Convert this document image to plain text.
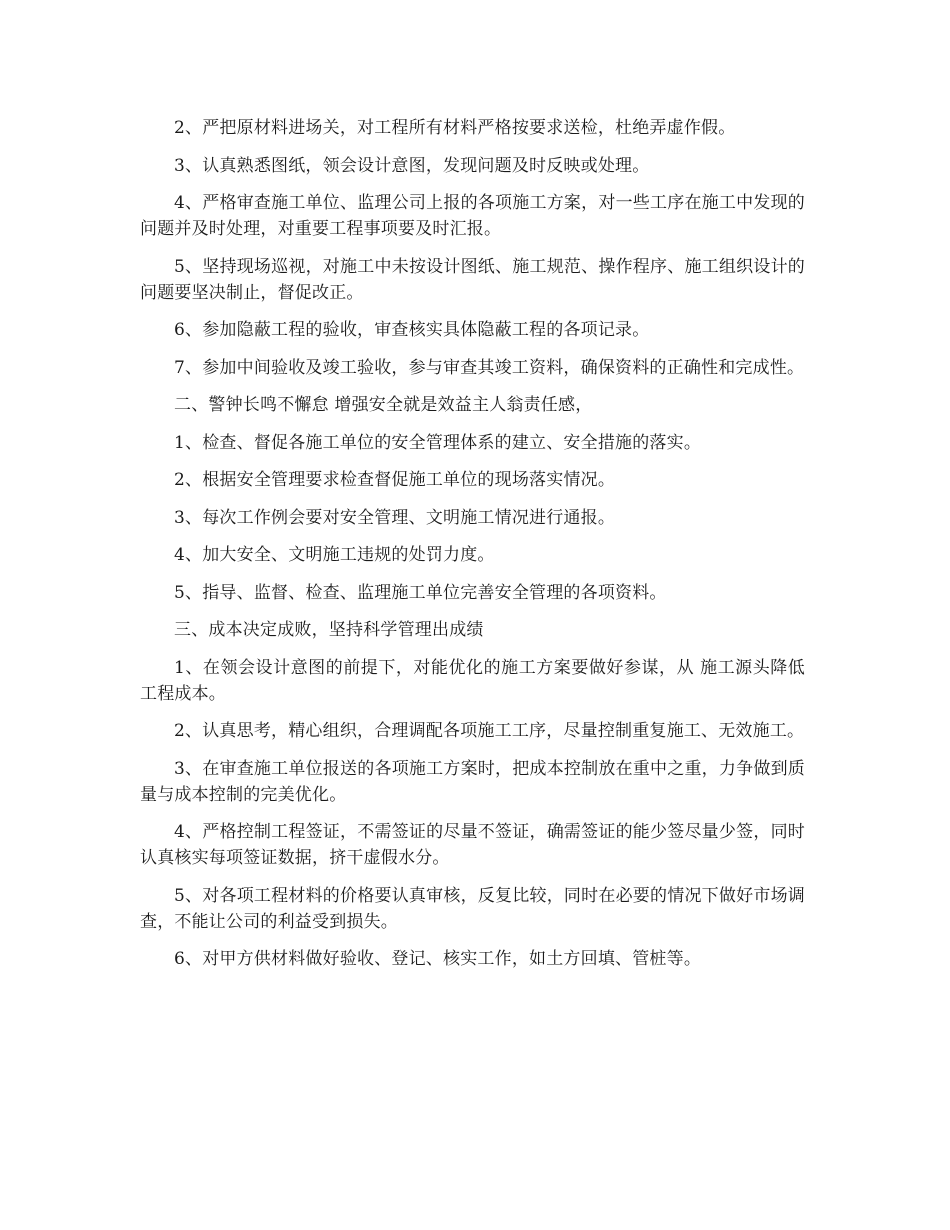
2、严把原材料进场关，对工程所有材料严格按要求送检，杜绝弄虚作假。

3、认真熟悉图纸，领会设计意图，发现问题及时反映或处理。

4、严格审查施工单位、监理公司上报的各项施工方案，对一些工序在施工中发现的问题并及时处理，对重要工程事项要及时汇报。

5、坚持现场巡视，对施工中未按设计图纸、施工规范、操作程序、施工组织设计的问题要坚决制止，督促改正。

6、参加隐蔽工程的验收，审查核实具体隐蔽工程的各项记录。

7、参加中间验收及竣工验收，参与审查其竣工资料，确保资料的正确性和完成性。

二、警钟长鸣不懈怠 增强安全就是效益主人翁责任感，

1、检查、督促各施工单位的安全管理体系的建立、安全措施的落实。

2、根据安全管理要求检查督促施工单位的现场落实情况。

3、每次工作例会要对安全管理、文明施工情况进行通报。

4、加大安全、文明施工违规的处罚力度。

5、指导、监督、检查、监理施工单位完善安全管理的各项资料。

三、成本决定成败，坚持科学管理出成绩

1、在领会设计意图的前提下，对能优化的施工方案要做好参谋，从 施工源头降低工程成本。

2、认真思考，精心组织，合理调配各项施工工序，尽量控制重复施工、无效施工。

3、在审查施工单位报送的各项施工方案时，把成本控制放在重中之重，力争做到质量与成本控制的完美优化。

4、严格控制工程签证，不需签证的尽量不签证，确需签证的能少签尽量少签，同时认真核实每项签证数据，挤干虚假水分。

5、对各项工程材料的价格要认真审核，反复比较，同时在必要的情况下做好市场调查，不能让公司的利益受到损失。

6、对甲方供材料做好验收、登记、核实工作，如土方回填、管桩等。
